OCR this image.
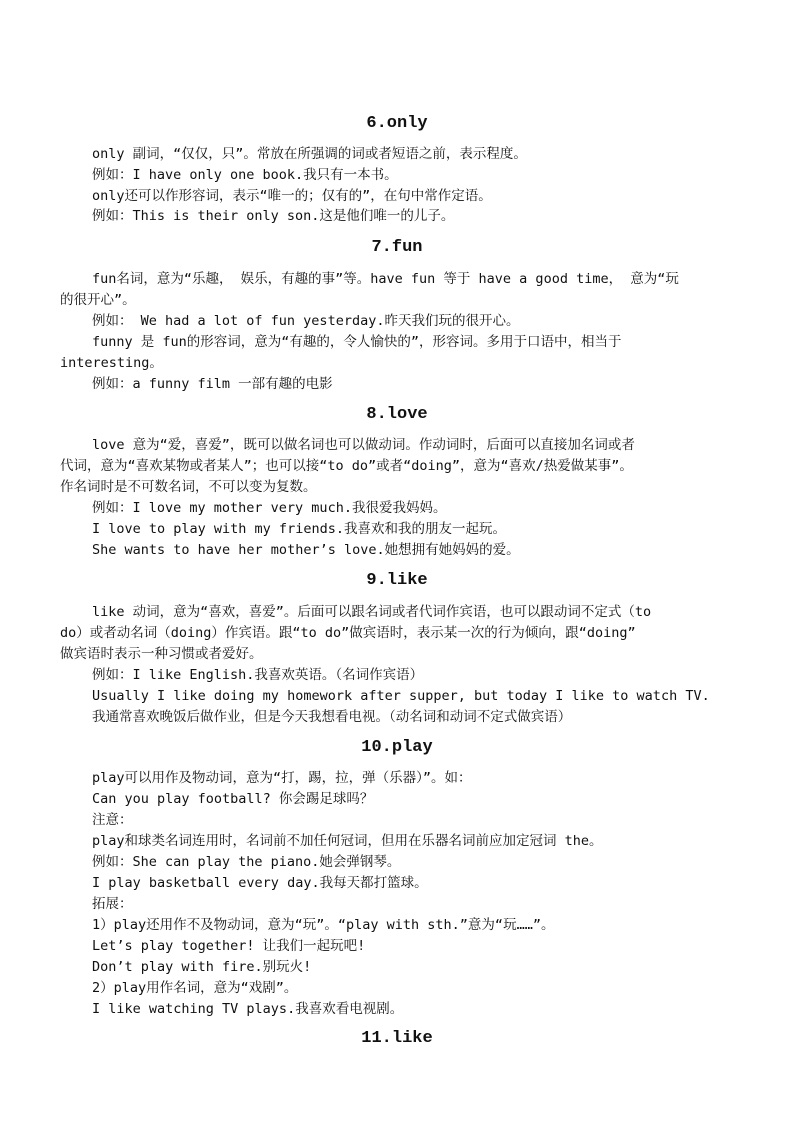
6.only
only 副词，“仅仅，只”。常放在所强调的词或者短语之前，表示程度。
例如：I have only one book.我只有一本书。
only还可以作形容词，表示“唯一的；仅有的”，在句中常作定语。
例如：This is their only son.这是他们唯一的儿子。
7.fun
fun名词，意为“乐趣， 娱乐，有趣的事”等。have fun 等于 have a good time， 意为“玩
的很开心”。
例如： We had a lot of fun yesterday.昨天我们玩的很开心。
funny 是 fun的形容词，意为“有趣的，令人愉快的”，形容词。多用于口语中，相当于
interesting。
例如：a funny film 一部有趣的电影
8.love
love 意为“爱，喜爱”，既可以做名词也可以做动词。作动词时，后面可以直接加名词或者
代词，意为“喜欢某物或者某人”；也可以接“to do”或者“doing”，意为“喜欢/热爱做某事”。
作名词时是不可数名词，不可以变为复数。
例如：I love my mother very much.我很爱我妈妈。
I love to play with my friends.我喜欢和我的朋友一起玩。
She wants to have her mother’s love.她想拥有她妈妈的爱。
9.like
like 动词，意为“喜欢，喜爱”。后面可以跟名词或者代词作宾语，也可以跟动词不定式（to
do）或者动名词（doing）作宾语。跟“to do”做宾语时，表示某一次的行为倾向，跟“doing”
做宾语时表示一种习惯或者爱好。
例如：I like English.我喜欢英语。（名词作宾语）
Usually I like doing my homework after supper, but today I like to watch TV.
我通常喜欢晚饭后做作业，但是今天我想看电视。（动名词和动词不定式做宾语）
10.play
play可以用作及物动词，意为“打，踢，拉，弹（乐器）”。如：
Can you play football? 你会踢足球吗？
注意：
play和球类名词连用时，名词前不加任何冠词，但用在乐器名词前应加定冠词 the。
例如：She can play the piano.她会弹钢琴。
I play basketball every day.我每天都打篮球。
拓展：
1）play还用作不及物动词，意为“玩”。“play with sth.”意为“玩……”。
Let’s play together! 让我们一起玩吧!
Don’t play with fire.别玩火!
2）play用作名词，意为“戏剧”。
I like watching TV plays.我喜欢看电视剧。
11.like
